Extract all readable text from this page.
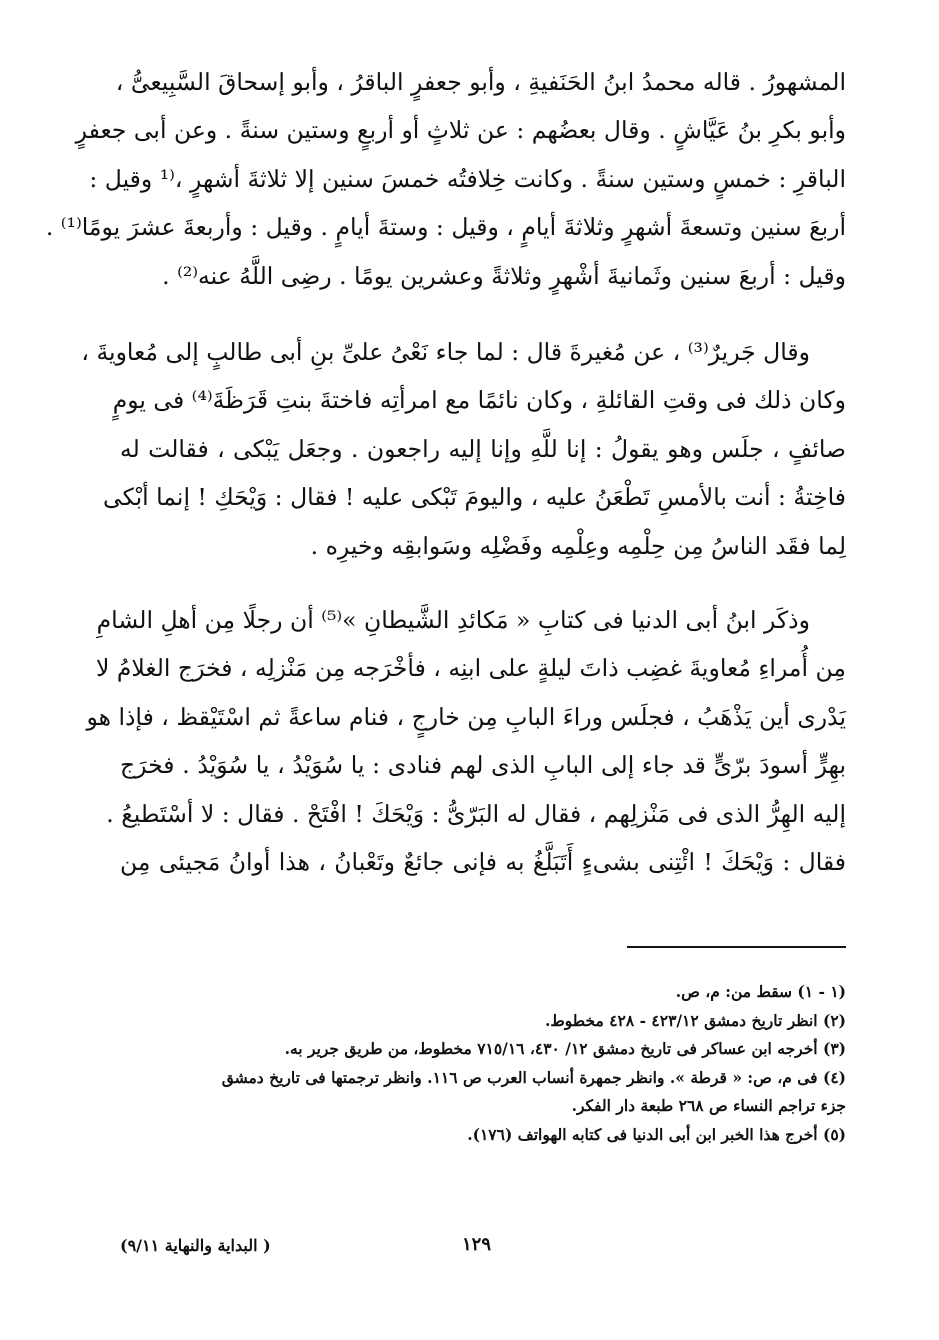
المشهورُ . قاله محمدُ ابنُ الحَنَفيةِ ، وأبو جعفرٍ الباقرُ ، وأبو إسحاقَ السَّبِيعىُّ ،
وأبو بكرِ بنُ عَيَّاشٍ . وقال بعضُهم : عن ثلاثٍ أو أربعٍ وستين سنةً . وعن أبى جعفرٍ
الباقرِ : خمسٍ وستين سنةً . وكانت خِلافتُه خمسَ سنين إلا ثلاثةَ أشهرٍ ،⁽¹ وقيل :
أربعَ سنين وتسعةَ أشهرٍ وثلاثةَ أيامٍ ، وقيل : وستةَ أيامٍ . وقيل : وأربعةَ عشرَ يومًا⁽¹⁾ .
وقيل : أربعَ سنين وثَمانيةَ أشْهرٍ وثلاثةً وعشرين يومًا . رضِى اللَّهُ عنه⁽²⁾ .
وقال جَريرٌ⁽³⁾ ، عن مُغيرةَ قال : لما جاء نَعْىُ علىِّ بنِ أبى طالبٍ إلى مُعاويةَ ،
وكان ذلك فى وقتِ القائلةِ ، وكان نائمًا مع امرأتِه فاختةَ بنتِ قَرَظَةَ⁽⁴⁾ فى يومٍ
صائفٍ ، جلَس وهو يقولُ : إنا للَّهِ وإنا إليه راجعون . وجعَل يَبْكى ، فقالت له
فاخِتةُ : أنت بالأمسِ تَطْعَنُ عليه ، واليومَ تَبْكى عليه ! فقال : وَيْحَكِ ! إنما أبْكى
لِما فقَد الناسُ مِن حِلْمِه وعِلْمِه وفَضْلِه وسَوابقِه وخيرِه .
وذكَر ابنُ أبى الدنيا فى كتابِ « مَكائدِ الشَّيطانِ »⁽⁵⁾ أن رجلًا مِن أهلِ الشامِ
مِن أُمراءِ مُعاويةَ غضِب ذاتَ ليلةٍ على ابنِه ، فأخْرَجه مِن مَنْزلِه ، فخرَج الغلامُ لا
يَدْرى أين يَذْهَبُ ، فجلَس وراءَ البابِ مِن خارجٍ ، فنام ساعةً ثم اسْتَيْقظ ، فإذا هو
بهِرٍّ أسودَ برّىٍّ قد جاء إلى البابِ الذى لهم فنادى : يا سُوَيْدُ ، يا سُوَيْدُ . فخرَج
إليه الهِرُّ الذى فى مَنْزلِهم ، فقال له البَرّىُّ : وَيْحَكَ ! افْتَحْ . فقال : لا أسْتَطيعُ .
فقال : وَيْحَكَ ! ائْتِنى بشىءٍ أَتَبَلَّغُ به فإنى جائعٌ وتَعْبانُ ، هذا أوانُ مَجيئى مِن
(١ - ١) سقط من: م، ص.
(٢) انظر تاريخ دمشق ٤٢٣/١٢ - ٤٢٨ مخطوط.
(٣) أخرجه ابن عساكر فى تاريخ دمشق ١٢/ ٤٣٠، ٧١٥/١٦ مخطوط، من طريق جرير به.
(٤) فى م، ص: « قرطة ». وانظر جمهرة أنساب العرب ص ١١٦. وانظر ترجمتها فى تاريخ دمشق
جزء تراجم النساء ص ٢٦٨ طبعة دار الفكر.
(٥) أخرج هذا الخبر ابن أبى الدنيا فى كتابه الهواتف (١٧٦).
١٢٩
( البداية والنهاية ٩/١١)
